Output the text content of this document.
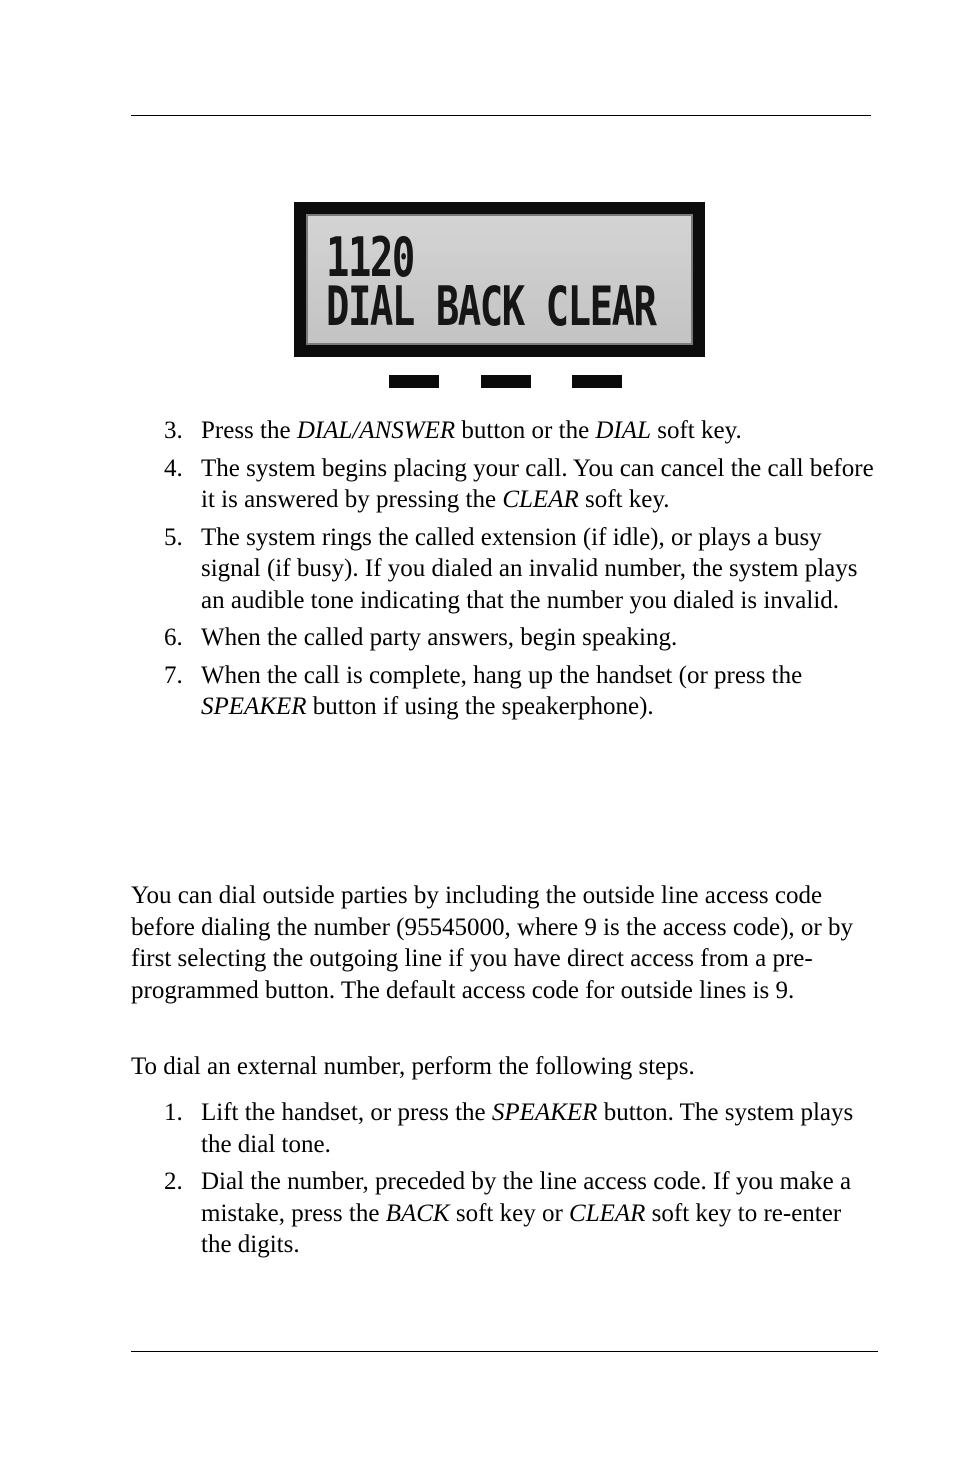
1120
DIAL BACK CLEAR
3. Press the DIAL/ANSWER button or the DIAL soft key.
4. The system begins placing your call. You can cancel the call before it is answered by pressing the CLEAR soft key.
5. The system rings the called extension (if idle), or plays a busy signal (if busy). If you dialed an invalid number, the system plays an audible tone indicating that the number you dialed is invalid.
6. When the called party answers, begin speaking.
7. When the call is complete, hang up the handset (or press the SPEAKER button if using the speakerphone).

You can dial outside parties by including the outside line access code before dialing the number (95545000, where 9 is the access code), or by first selecting the outgoing line if you have direct access from a pre-programmed button. The default access code for outside lines is 9.

To dial an external number, perform the following steps.

1. Lift the handset, or press the SPEAKER button. The system plays the dial tone.
2. Dial the number, preceded by the line access code. If you make a mistake, press the BACK soft key or CLEAR soft key to re-enter the digits.
